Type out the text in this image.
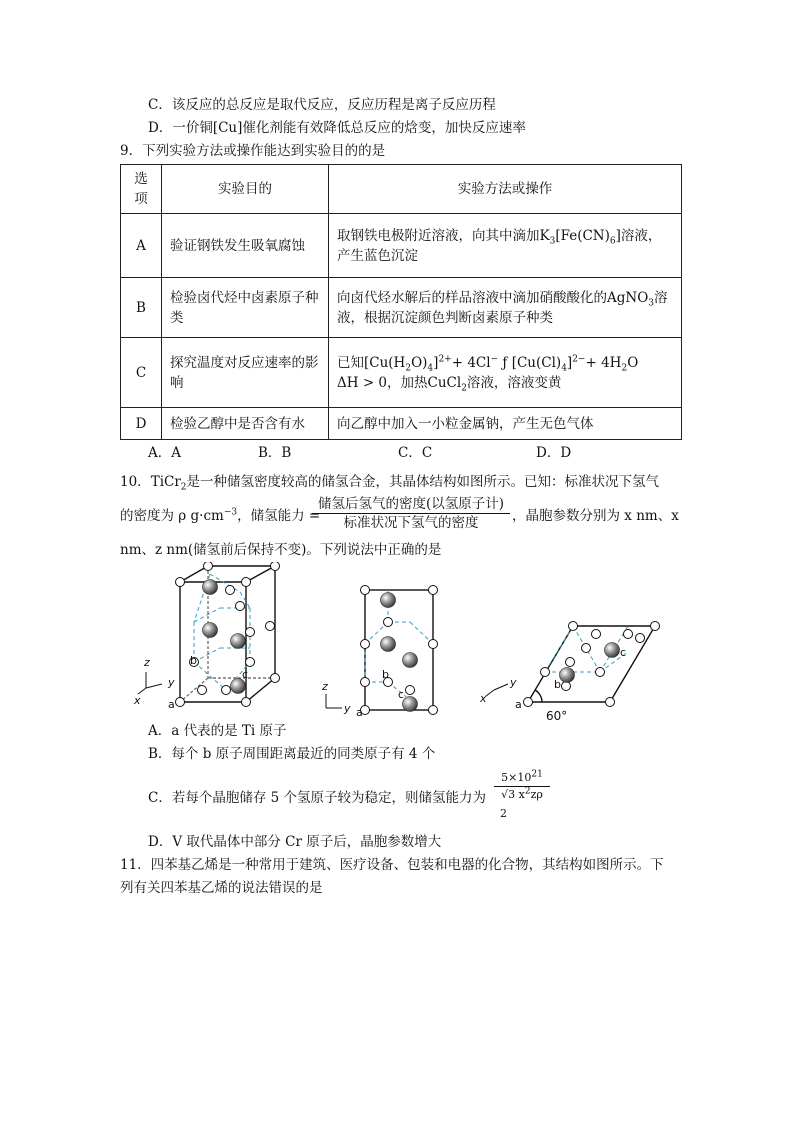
C．该反应的总反应是取代反应，反应历程是离子反应历程
D．一价铜[Cu]催化剂能有效降低总反应的焓变，加快反应速率
9．下列实验方法或操作能达到实验目的的是
选项	实验目的	实验方法或操作
A	验证钢铁发生吸氧腐蚀	取钢铁电极附近溶液，向其中滴加$K_3[Fe(CN)_6]$溶液，
产生蓝色沉淀
B	检验卤代烃中卤素原子种类	向卤代烃水解后的样品溶液中滴加硝酸酸化的AgNO$_3$溶
液，根据沉淀颜色判断卤素原子种类
C	探究温度对反应速率的影响	已知$[Cu(H_2O)_4]^{2+}+ 4Cl^-$ ƒ $[Cu(Cl)_4]^{2-}+ 4H_2O$
ΔH > 0，加热CuCl$_2$溶液，溶液变黄
D	检验乙醇中是否含有水	向乙醇中加入一小粒金属钠，产生无色气体
A．A	B．B	C．C	D．D
10．TiCr$_2$是一种储氢密度较高的储氢合金，其晶体结构如图所示。已知：标准状况下氢气
的密度为 ρ $g\cdot cm^{-3}$，储氢能力 =
储氢后氢气的密度(以氢原子计)
标准状况下氢气的密度	，晶胞参数分别为 x nm、x
nm、z nm(储氢前后保持不变)。下列说法中正确的是
b
c
a
z
y
x
b
c
a
z
y
b
c
a
60°
x
y
A．a 代表的是 Ti 原子
B．每个 b 原子周围距离最近的同类原子有 4 个
C．若每个晶胞储存 5 个氢原子较为稳定，则储氢能力为
$5\times 10^{21}$
√3 $x^2z\rho$
2
D．V 取代晶体中部分 Cr 原子后，晶胞参数增大
11．四苯基乙烯是一种常用于建筑、医疗设备、包装和电器的化合物，其结构如图所示。下
列有关四苯基乙烯的说法错误的是
